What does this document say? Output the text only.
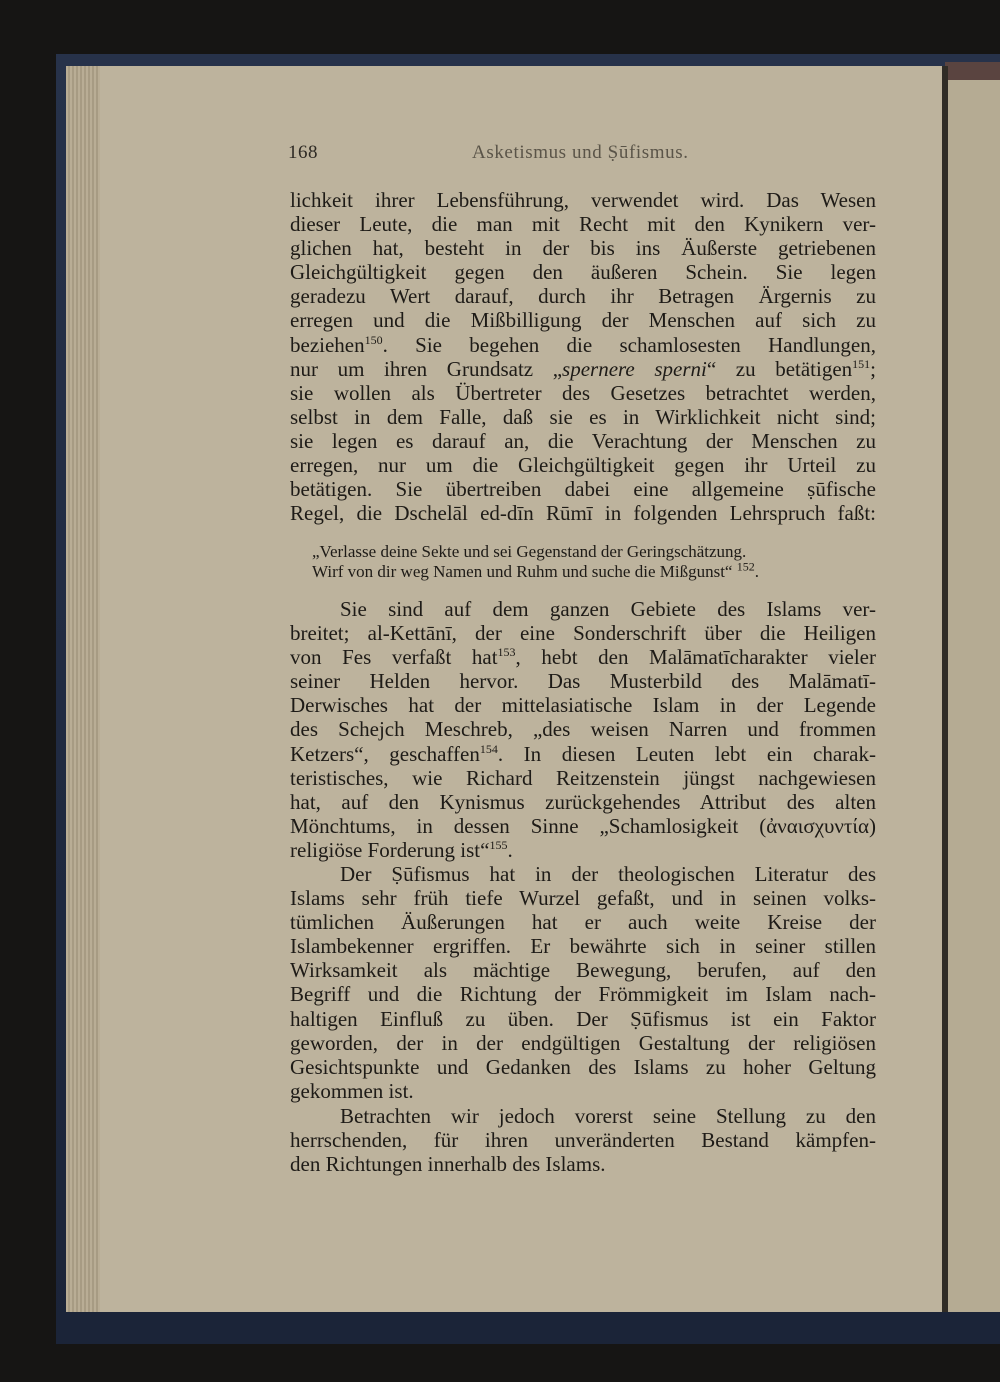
168	Asketismus und Ṣūfismus.
lichkeit ihrer Lebensführung, verwendet wird. Das Wesen
dieser Leute, die man mit Recht mit den Kynikern ver-
glichen hat, besteht in der bis ins Äußerste getriebenen
Gleichgültigkeit gegen den äußeren Schein. Sie legen
geradezu Wert darauf, durch ihr Betragen Ärgernis zu
erregen und die Mißbilligung der Menschen auf sich zu
beziehen$^{150}$. Sie begehen die schamlosesten Handlungen,
nur um ihren Grundsatz „spernere sperni“ zu betätigen$^{151}$;
sie wollen als Übertreter des Gesetzes betrachtet werden,
selbst in dem Falle, daß sie es in Wirklichkeit nicht sind;
sie legen es darauf an, die Verachtung der Menschen zu
erregen, nur um die Gleichgültigkeit gegen ihr Urteil zu
betätigen. Sie übertreiben dabei eine allgemeine ṣūfische
Regel, die Dschelāl ed-dīn Rūmī in folgenden Lehrspruch faßt:
„Verlasse deine Sekte und sei Gegenstand der Geringschätzung.
Wirf von dir weg Namen und Ruhm und suche die Mißgunst“ $^{152}$.
Sie sind auf dem ganzen Gebiete des Islams ver-
breitet; al-Kettānī, der eine Sonderschrift über die Heiligen
von Fes verfaßt hat$^{153}$, hebt den Malāmatīcharakter vieler
seiner Helden hervor. Das Musterbild des Malāmatī-
Derwisches hat der mittelasiatische Islam in der Legende
des Schejch Meschreb, „des weisen Narren und frommen
Ketzers“, geschaffen$^{154}$. In diesen Leuten lebt ein charak-
teristisches, wie Richard Reitzenstein jüngst nachgewiesen
hat, auf den Kynismus zurückgehendes Attribut des alten
Mönchtums, in dessen Sinne „Schamlosigkeit (ἀναισχυντία)
religiöse Forderung ist“$^{155}$.
Der Ṣūfismus hat in der theologischen Literatur des
Islams sehr früh tiefe Wurzel gefaßt, und in seinen volks-
tümlichen Äußerungen hat er auch weite Kreise der
Islambekenner ergriffen. Er bewährte sich in seiner stillen
Wirksamkeit als mächtige Bewegung, berufen, auf den
Begriff und die Richtung der Frömmigkeit im Islam nach-
haltigen Einfluß zu üben. Der Ṣūfismus ist ein Faktor
geworden, der in der endgültigen Gestaltung der religiösen
Gesichtspunkte und Gedanken des Islams zu hoher Geltung
gekommen ist.
Betrachten wir jedoch vorerst seine Stellung zu den
herrschenden, für ihren unveränderten Bestand kämpfen-
den Richtungen innerhalb des Islams.
